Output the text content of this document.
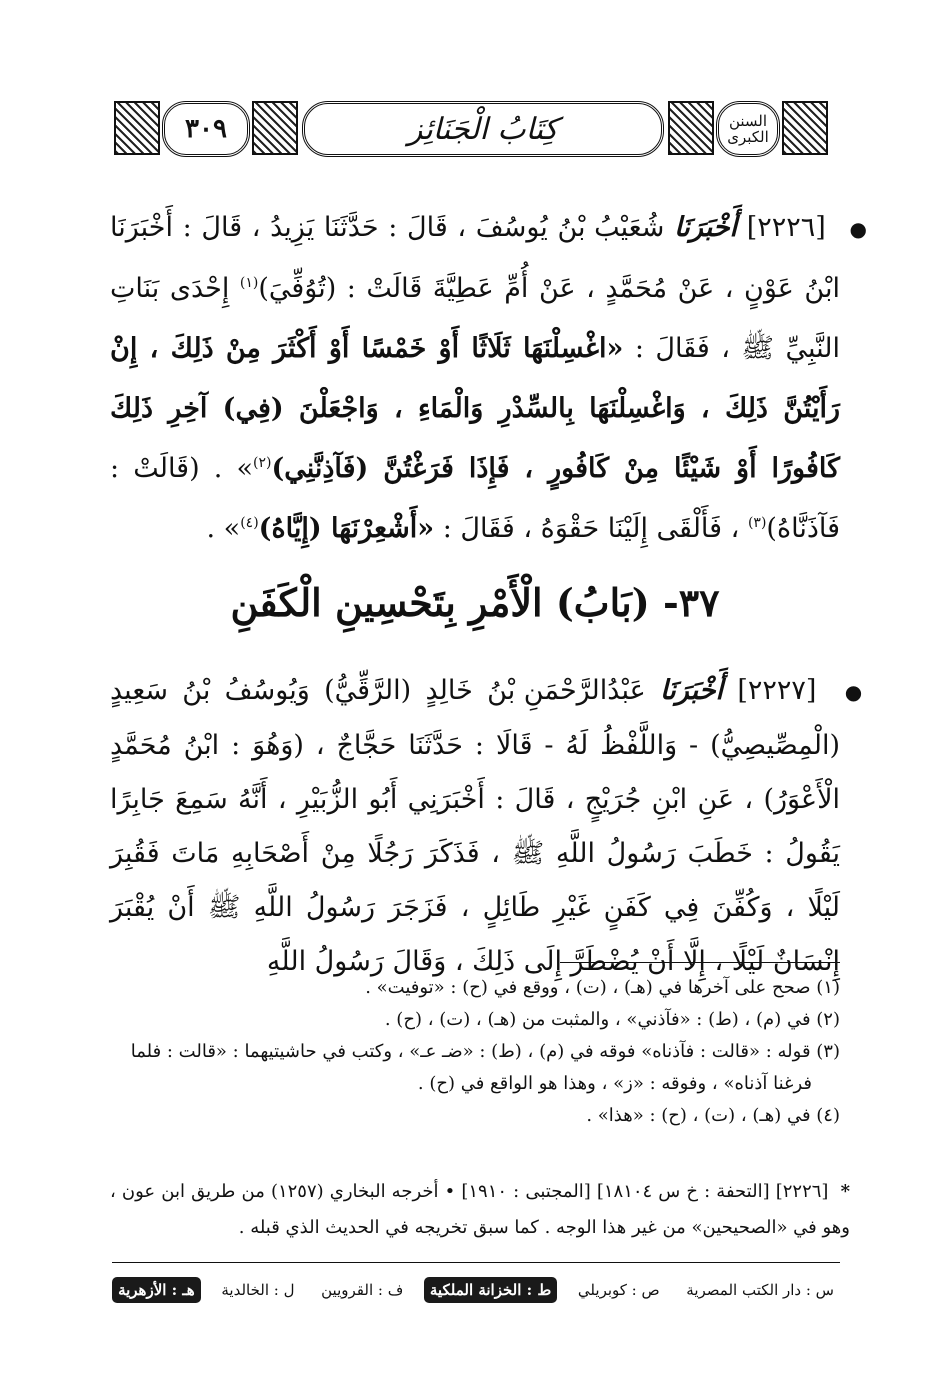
٣٠٩	كِتَابُ الْجَنَائِز	السنن الكبرى
● [٢٢٢٦] أَخْبَرَنَا شُعَيْبُ بْنُ يُوسُفَ ، قَالَ : حَدَّثَنَا يَزِيدُ ، قَالَ : أَخْبَرَنَا ابْنُ عَوْنٍ ، عَنْ مُحَمَّدٍ ، عَنْ أُمِّ عَطِيَّةَ قَالَتْ : (تُوُفِّيَ)$^{(١)}$ إِحْدَى بَنَاتِ النَّبِيِّ ﷺ ، فَقَالَ : «اغْسِلْنَهَا ثَلَاثًا أَوْ خَمْسًا أَوْ أَكْثَرَ مِنْ ذَلِكَ ، إِنْ رَأَيْتُنَّ ذَلِكَ ، وَاغْسِلْنَهَا بِالسِّدْرِ وَالْمَاءِ ، وَاجْعَلْنَ (فِي) آخِرِ ذَلِكَ كَافُورًا أَوْ شَيْئًا مِنْ كَافُورٍ ، فَإِذَا فَرَغْتُنَّ (فَآذِنَّنِي)$^{(٢)}$» . (قَالَتْ : فَآذَنَّاهُ)$^{(٣)}$ ، فَأَلْقَى إِلَيْنَا حَقْوَهُ ، فَقَالَ : «أَشْعِرْنَهَا (إِيَّاهُ)$^{(٤)}$» .
٣٧- (بَابُ) الْأَمْرِ بِتَحْسِينِ الْكَفَنِ
● [٢٢٢٧] أَخْبَرَنَا عَبْدُالرَّحْمَنِ بْنُ خَالِدٍ (الرَّقِّيُّ) وَيُوسُفُ بْنُ سَعِيدٍ (الْمِصِّيصِيُّ) - وَاللَّفْظُ لَهُ - قَالَا : حَدَّثَنَا حَجَّاجٌ ، (وَهُوَ : ابْنُ مُحَمَّدٍ الْأَعْوَرُ) ، عَنِ ابْنِ جُرَيْجٍ ، قَالَ : أَخْبَرَنِي أَبُو الزُّبَيْرِ ، أَنَّهُ سَمِعَ جَابِرًا يَقُولُ : خَطَبَ رَسُولُ اللَّهِ ﷺ ، فَذَكَرَ رَجُلًا مِنْ أَصْحَابِهِ مَاتَ فَقُبِرَ لَيْلًا ، وَكُفِّنَ فِي كَفَنٍ غَيْرِ طَائِلٍ ، فَزَجَرَ رَسُولُ اللَّهِ ﷺ أَنْ يُقْبَرَ إِنْسَانٌ لَيْلًا ، إِلَّا أَنْ يُضْطَرَّ إِلَى ذَلِكَ ، وَقَالَ رَسُولُ اللَّهِ

(١) صحح على آخرها في (هـ) ، (ت) ، ووقع في (ح) : «توفيت» .

(٢) في (م) ، (ط) : «فآذني» ، والمثبت من (هـ) ، (ت) ، (ح) .

(٣) قوله : «قالت : فآذناه» فوقه في (م) ، (ط) : «ضـ عـ» ، وكتب في حاشيتيهما : «قالت : فلما

فرغنا آذناه» ، وفوقه : «ز» ، وهذا هو الواقع في (ح) .

(٤) في (هـ) ، (ت) ، (ح) : «هذا» .

* [٢٢٢٦] [التحفة : خ س ١٨١٠٤] [المجتبى : ١٩١٠] • أخرجه البخاري (١٢٥٧) من طريق ابن عون ، وهو في «الصحيحين» من غير هذا الوجه . كما سبق تخريجه في الحديث الذي قبله .
س : دار الكتب المصرية
ص : كوبريلي
ط : الخزانة الملكية
ف : القرويين
ل : الخالدية
هـ : الأزهرية
